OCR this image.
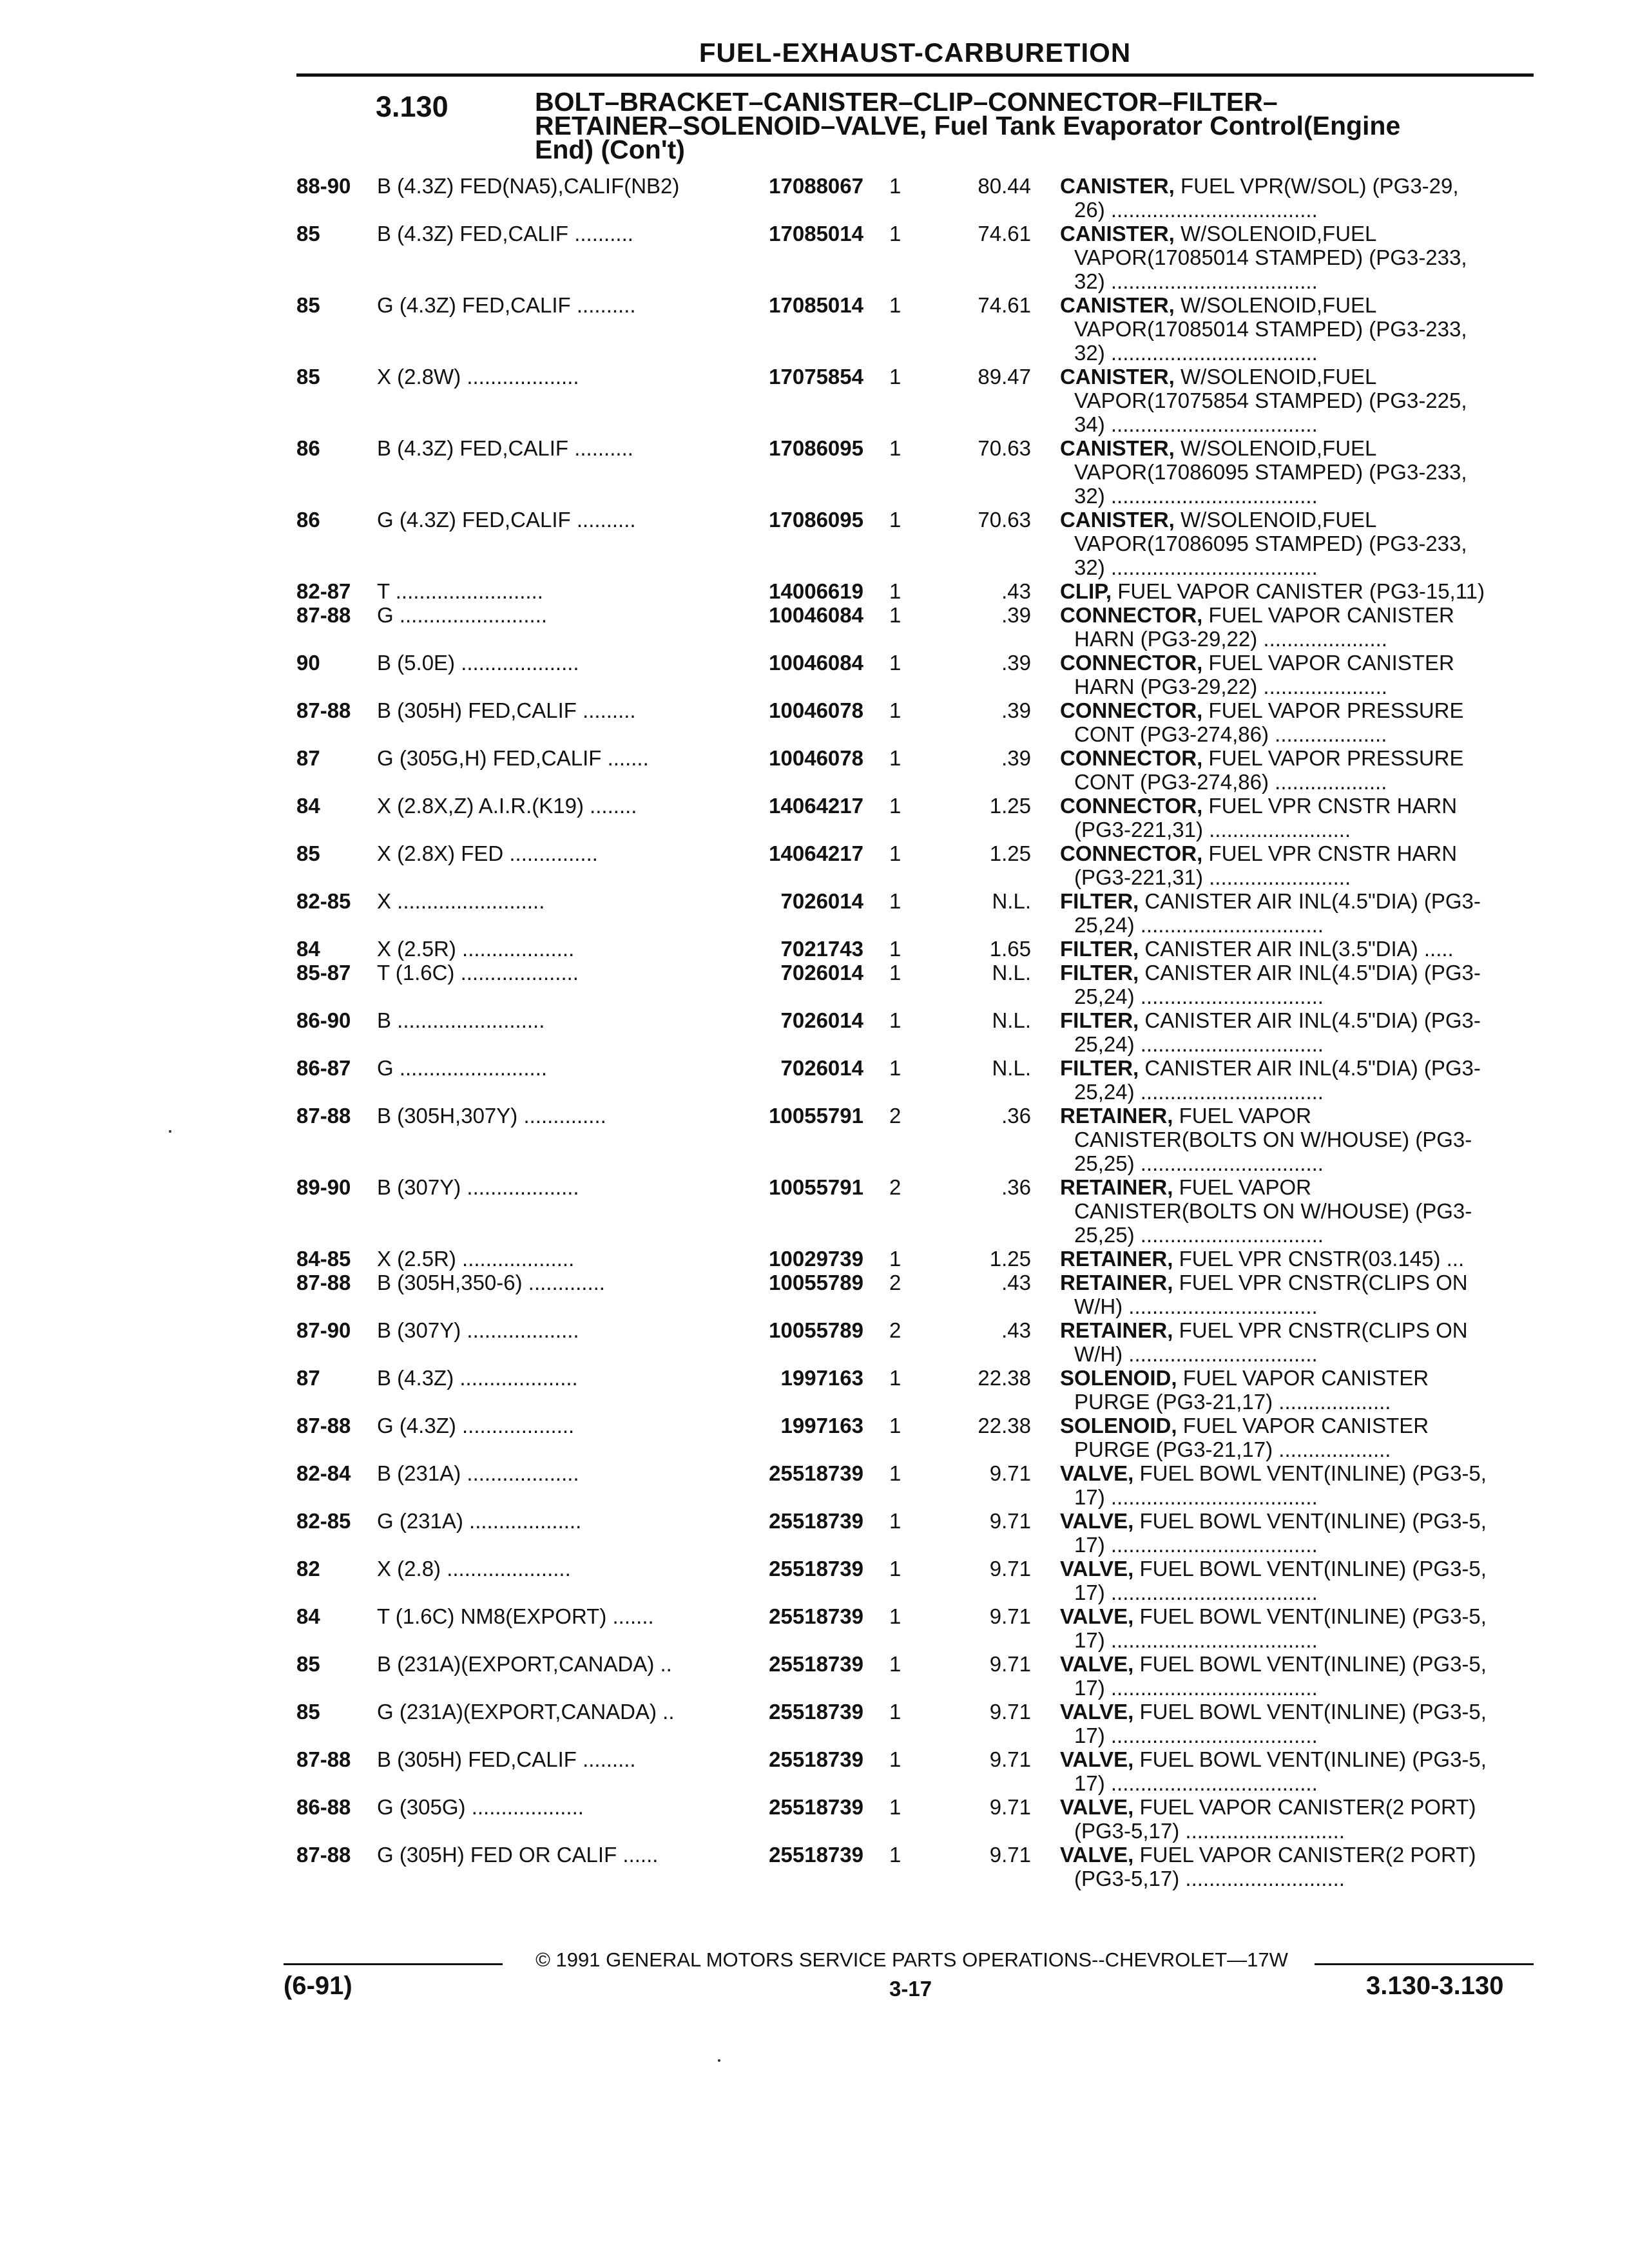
FUEL-EXHAUST-CARBURETION
3.130	BOLT–BRACKET–CANISTER–CLIP–CONNECTOR–FILTER–
RETAINER–SOLENOID–VALVE, Fuel Tank Evaporator Control(Engine
End) (Con't)
88-90 B (4.3Z) FED(NA5),CALIF(NB2)	17088067 1	80.44 CANISTER, FUEL VPR(W/SOL) (PG3-29,
26) ...................................
85	B (4.3Z) FED,CALIF ..........	17085014 1	74.61 CANISTER, W/SOLENOID,FUEL
VAPOR(17085014 STAMPED) (PG3-233,
32) ...................................
85	G (4.3Z) FED,CALIF ..........	17085014 1	74.61 CANISTER, W/SOLENOID,FUEL
VAPOR(17085014 STAMPED) (PG3-233,
32) ...................................
85	X (2.8W) ...................	17075854 1	89.47 CANISTER, W/SOLENOID,FUEL
VAPOR(17075854 STAMPED) (PG3-225,
34) ...................................
86	B (4.3Z) FED,CALIF ..........	17086095 1	70.63 CANISTER, W/SOLENOID,FUEL
VAPOR(17086095 STAMPED) (PG3-233,
32) ...................................
86	G (4.3Z) FED,CALIF ..........	17086095 1	70.63 CANISTER, W/SOLENOID,FUEL
VAPOR(17086095 STAMPED) (PG3-233,
32) ...................................
82-87 T .........................	14006619 1	.43 CLIP, FUEL VAPOR CANISTER (PG3-15,11)
87-88 G .........................	10046084 1	.39 CONNECTOR, FUEL VAPOR CANISTER
HARN (PG3-29,22) .....................
90	B (5.0E) ....................	10046084 1	.39 CONNECTOR, FUEL VAPOR CANISTER
HARN (PG3-29,22) .....................
87-88 B (305H) FED,CALIF .........	10046078 1	.39 CONNECTOR, FUEL VAPOR PRESSURE
CONT (PG3-274,86) ...................
87	G (305G,H) FED,CALIF .......	10046078 1	.39 CONNECTOR, FUEL VAPOR PRESSURE
CONT (PG3-274,86) ...................
84	X (2.8X,Z) A.I.R.(K19) ........	14064217 1	1.25 CONNECTOR, FUEL VPR CNSTR HARN
(PG3-221,31) ........................
85	X (2.8X) FED ...............	14064217 1	1.25 CONNECTOR, FUEL VPR CNSTR HARN
(PG3-221,31) ........................
82-85 X .........................	7026014 1	N.L. FILTER, CANISTER AIR INL(4.5"DIA) (PG3-
25,24) ...............................
84	X (2.5R) ...................	7021743 1	1.65 FILTER, CANISTER AIR INL(3.5"DIA) .....
85-87 T (1.6C) ....................	7026014 1	N.L. FILTER, CANISTER AIR INL(4.5"DIA) (PG3-
25,24) ...............................
86-90 B .........................	7026014 1	N.L. FILTER, CANISTER AIR INL(4.5"DIA) (PG3-
25,24) ...............................
86-87 G .........................	7026014 1	N.L. FILTER, CANISTER AIR INL(4.5"DIA) (PG3-
25,24) ...............................
87-88 B (305H,307Y) ..............	10055791 2	.36 RETAINER, FUEL VAPOR
CANISTER(BOLTS ON W/HOUSE) (PG3-
25,25) ...............................
89-90 B (307Y) ...................	10055791 2	.36 RETAINER, FUEL VAPOR
CANISTER(BOLTS ON W/HOUSE) (PG3-
25,25) ...............................
84-85 X (2.5R) ...................	10029739 1	1.25 RETAINER, FUEL VPR CNSTR(03.145) ...
87-88 B (305H,350-6) .............	10055789 2	.43 RETAINER, FUEL VPR CNSTR(CLIPS ON
W/H) ................................
87-90 B (307Y) ...................	10055789 2	.43 RETAINER, FUEL VPR CNSTR(CLIPS ON
W/H) ................................
87	B (4.3Z) ....................	1997163 1	22.38 SOLENOID, FUEL VAPOR CANISTER
PURGE (PG3-21,17) ...................
87-88 G (4.3Z) ...................	1997163 1	22.38 SOLENOID, FUEL VAPOR CANISTER
PURGE (PG3-21,17) ...................
82-84 B (231A) ...................	25518739 1	9.71 VALVE, FUEL BOWL VENT(INLINE) (PG3-5,
17) ...................................
82-85 G (231A) ...................	25518739 1	9.71 VALVE, FUEL BOWL VENT(INLINE) (PG3-5,
17) ...................................
82	X (2.8) .....................	25518739 1	9.71 VALVE, FUEL BOWL VENT(INLINE) (PG3-5,
17) ...................................
84	T (1.6C) NM8(EXPORT) .......	25518739 1	9.71 VALVE, FUEL BOWL VENT(INLINE) (PG3-5,
17) ...................................
85	B (231A)(EXPORT,CANADA) ..	25518739 1	9.71 VALVE, FUEL BOWL VENT(INLINE) (PG3-5,
17) ...................................
85	G (231A)(EXPORT,CANADA) ..	25518739 1	9.71 VALVE, FUEL BOWL VENT(INLINE) (PG3-5,
17) ...................................
87-88 B (305H) FED,CALIF .........	25518739 1	9.71 VALVE, FUEL BOWL VENT(INLINE) (PG3-5,
17) ...................................
86-88 G (305G) ...................	25518739 1	9.71 VALVE, FUEL VAPOR CANISTER(2 PORT)
(PG3-5,17) ...........................
87-88 G (305H) FED OR CALIF ......	25518739 1	9.71 VALVE, FUEL VAPOR CANISTER(2 PORT)
(PG3-5,17) ...........................
© 1991 GENERAL MOTORS SERVICE PARTS OPERATIONS--CHEVROLET—17W
(6-91)	3-17	3.130-3.130
